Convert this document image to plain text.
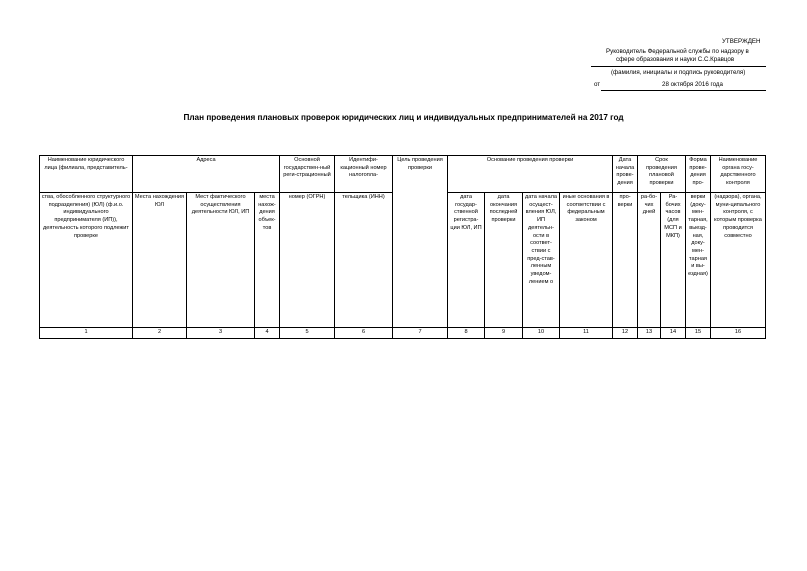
УТВЕРЖДЕН
Руководитель Федеральной службы по надзору в
сфере образования и науки С.С.Кравцов
(фамилия, инициалы и подпись руководителя)
от	28 октября 2016 года
План проведения плановых проверок юридических лиц и индивидуальных предпринимателей на 2017 год
Наименование юридического лица (филиала, представитель-	Адреса			Основной государствен-ный реги-страционный	Идентифи-кационный номер налогопла-	Цель проведения проверки	Основание проведения проверки				Дата начала прове-дения	Срок проведения плановой проверки		Форма прове-дения про-	Наименование органа госу-дарственного контроля
ства, обособленного структурного подразделения) (ЮЛ) (ф.и.о. индивидуального предпринимателя (ИП)), деятельность которого подлежит проверке	Места нахождения ЮЛ	Мест фактического осуществления деятельности ЮЛ, ИП	места нахож-дения объек-тов	номер (ОГРН)	тельщика (ИНН)		дата государ-ственной регистра-ции ЮЛ, ИП	дата окончания последней проверки	дата начала осущест-вления ЮЛ, ИП деятельн-ости в соответ-ствии с пред-став-ленным уведом-лением о	иные основания в соответствии с федеральным законом	про-верки	ра-бо-чих дней	Ра-бочих часов (для МСП и МКП)	верки (доку-мен-тарная, выезд-ная, доку-мен-тарная и вы-ездная)	(надзора), органа, муни-ципального контроля, с которым проверка проводится совместно
1	2	3	4	5	6	7	8	9	10	11	12	13	14	15	16
